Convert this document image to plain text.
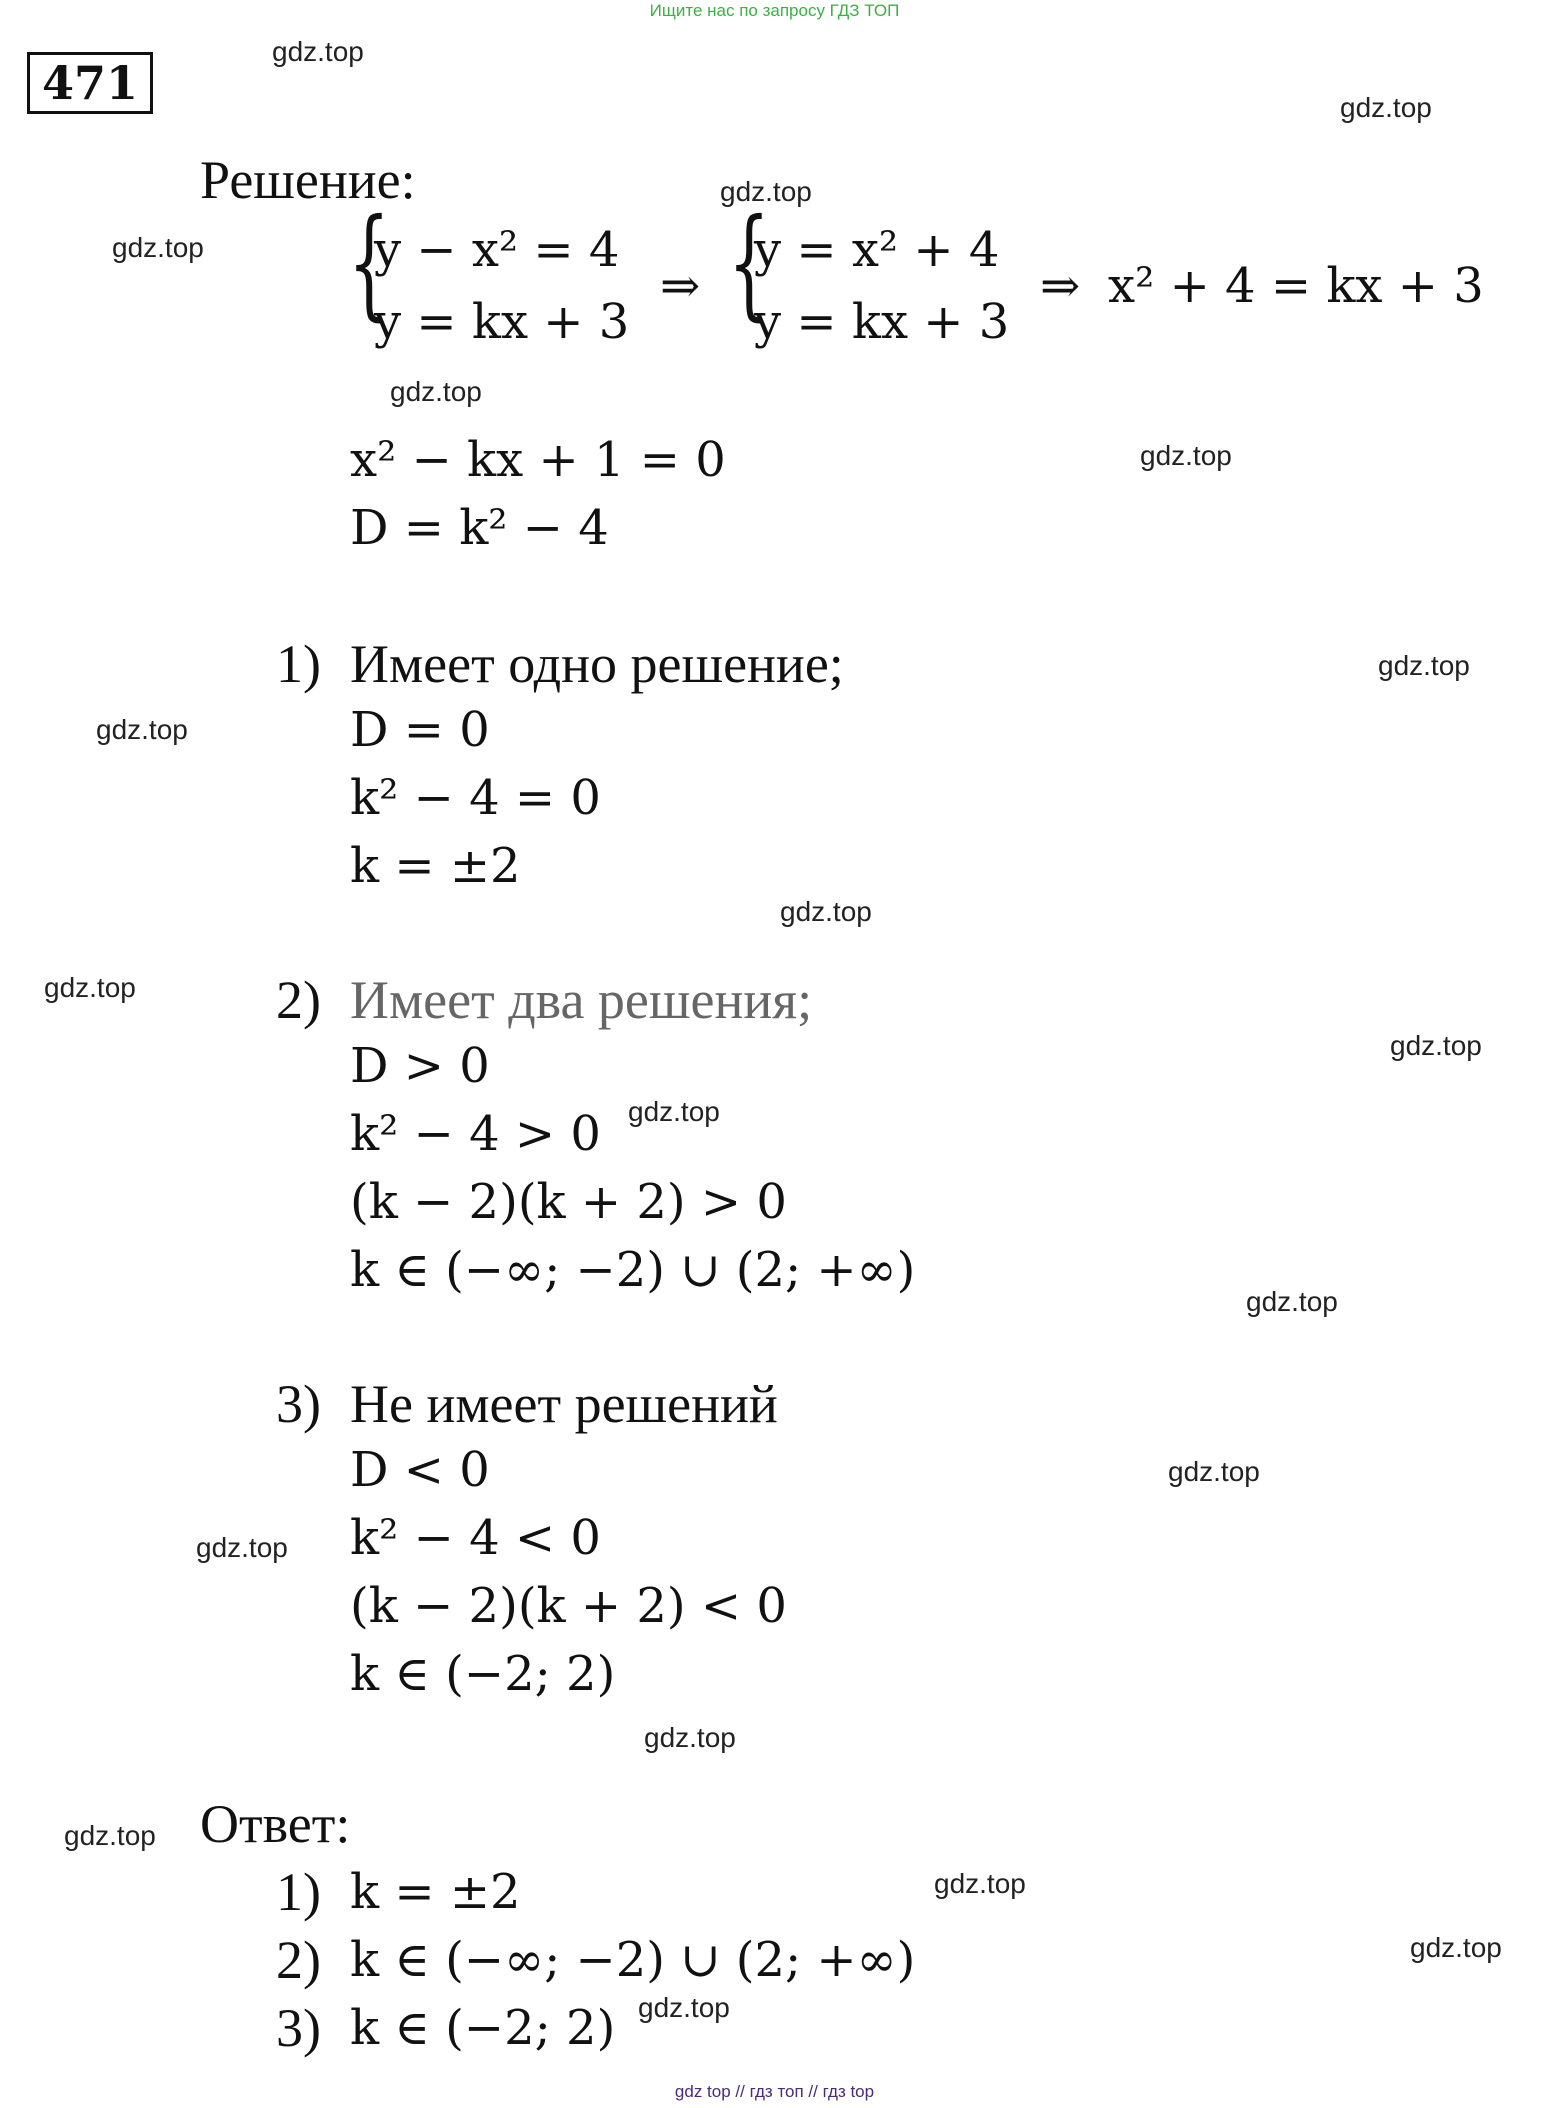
Ищите нас по запросу ГДЗ ТОП
471
Решение:
{
y − x² = 4
y = kx + 3
⇒ {
y = x² + 4
y = kx + 3
⇒ x² + 4 = kx + 3
x² − kx + 1 = 0
D = k² − 4
1) Имеет одно решение;
D = 0
k² − 4 = 0
k = ±2
2) Имеет два решения;
D > 0
k² − 4 > 0
(k − 2)(k + 2) > 0
k ∈ (−∞; −2) ∪ (2; +∞)
3) Не имеет решений
D < 0
k² − 4 < 0
(k − 2)(k + 2) < 0
k ∈ (−2; 2)
Ответ:
1) k = ±2
2) k ∈ (−∞; −2) ∪ (2; +∞)
3) k ∈ (−2; 2)
gdz.top
gdz.top
gdz.top
gdz.top
gdz.top
gdz.top
gdz.top
gdz.top
gdz.top
gdz.top
gdz.top
gdz.top
gdz.top
gdz.top
gdz.top
gdz.top
gdz.top
gdz.top
gdz.top
gdz.top
gdz top // гдз топ // гдз top
